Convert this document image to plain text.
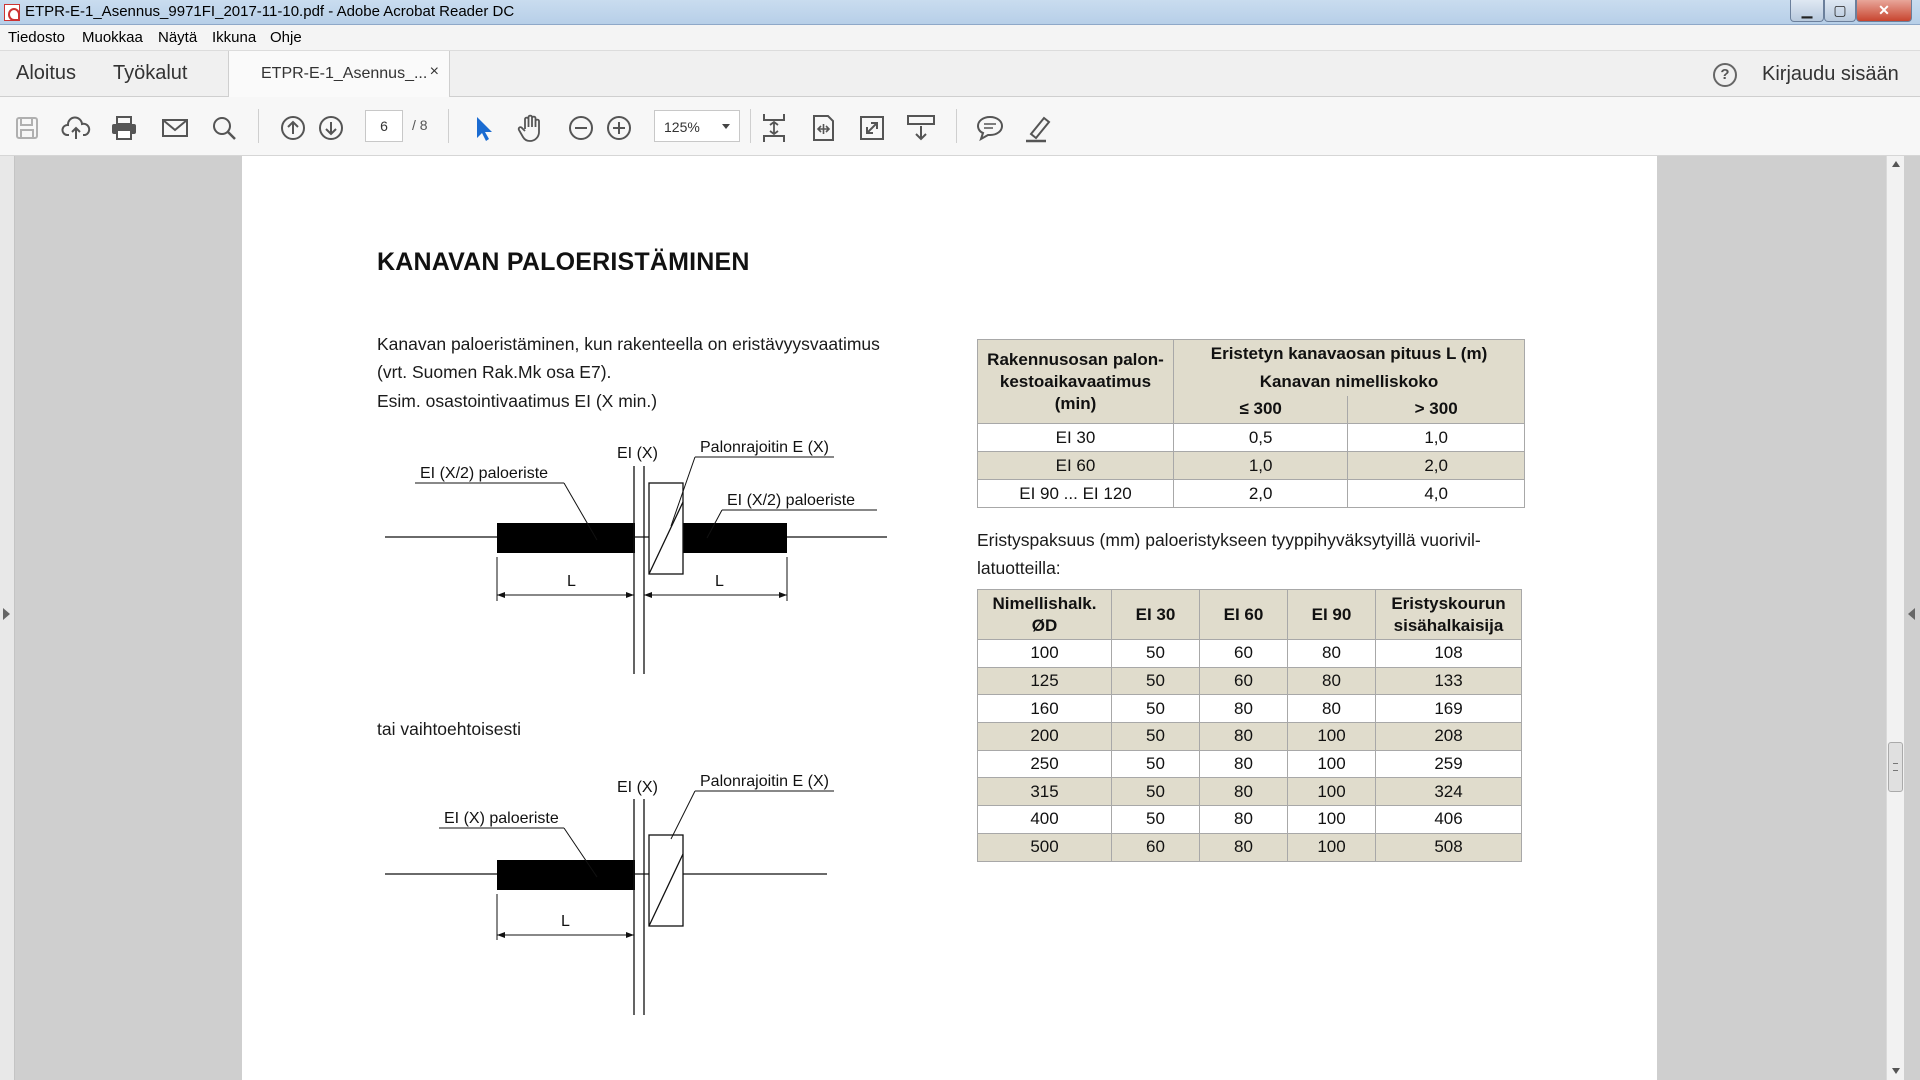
ETPR-E-1_Asennus_9971FI_2017-11-10.pdf - Adobe Acrobat Reader DC	▁	▢	✕
Tiedosto Muokkaa Näytä Ikkuna Ohje
Aloitus Työkalut	ETPR-E-1_Asennus_... ×	?	Kirjaudu sisään
6	/ 8	125%
KANAVAN PALOERISTÄMINEN
Kanavan paloeristäminen, kun rakenteella on eristävyysvaatimus
(vrt. Suomen Rak.Mk osa E7).
Esim. osastointivaatimus EI (X min.)
L	L
EI (X)	Palonrajoitin E (X)
EI (X/2) paloeriste
EI (X/2) paloeriste
tai vaihtoehtoisesti
L
EI (X)	Palonrajoitin E (X)
EI (X) paloeriste
Rakennusosan palon-
kestoaikavaatimus
(min)	Eristetyn kanavaosan pituus L (m)	
	Kanavan nimelliskoko	
	≤ 300	> 300
EI 30	0,5	1,0
EI 60	1,0	2,0
EI 90 ... EI 120	2,0	4,0
Eristyspaksuus (mm) paloeristykseen tyyppihyväksytyillä vuorivil-
latuotteilla:
Nimellishalk.
ØD	EI 30	EI 60	EI 90	Eristyskourun
sisähalkaisija
100	50	60	80	108
125	50	60	80	133
160	50	80	80	169
200	50	80	100	208
250	50	80	100	259
315	50	80	100	324
400	50	80	100	406
500	60	80	100	508
